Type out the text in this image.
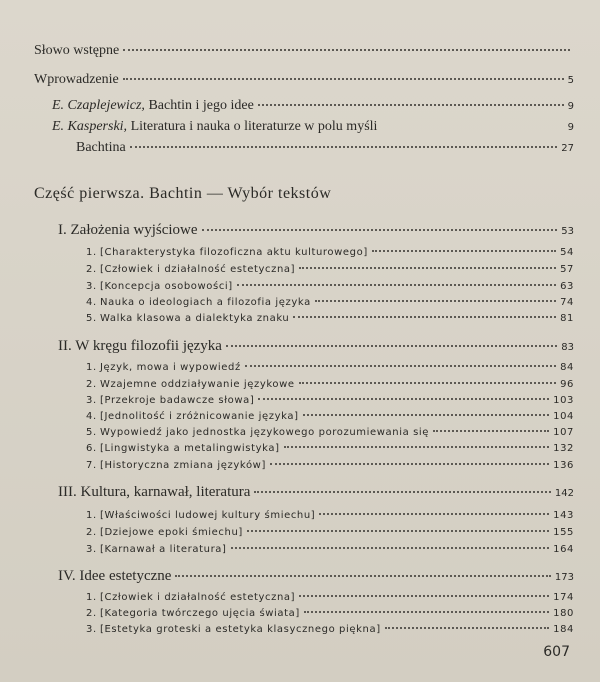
Słowo wstępne
Wprowadzenie	5
E. Czaplejewicz, Bachtin i jego idee	9
E. Kasperski, Literatura i nauka o literaturze w polu myśli	9
Bachtina	27
Część pierwsza. Bachtin — Wybór tekstów
I. Założenia wyjściowe	53
1. [Charakterystyka filozoficzna aktu kulturowego]	54
2. [Człowiek i działalność estetyczna]	57
3. [Koncepcja osobowości]	63
4. Nauka o ideologiach a filozofia języka	74
5. Walka klasowa a dialektyka znaku	81
II. W kręgu filozofii języka	83
1. Język, mowa i wypowiedź	84
2. Wzajemne oddziaływanie językowe	96
3. [Przekroje badawcze słowa]	103
4. [Jednolitość i zróżnicowanie języka]	104
5. Wypowiedź jako jednostka językowego porozumiewania się	107
6. [Lingwistyka a metalingwistyka]	132
7. [Historyczna zmiana języków]	136
III. Kultura, karnawał, literatura	142
1. [Właściwości ludowej kultury śmiechu]	143
2. [Dziejowe epoki śmiechu]	155
3. [Karnawał a literatura]	164
IV. Idee estetyczne	173
1. [Człowiek i działalność estetyczna]	174
2. [Kategoria twórczego ujęcia świata]	180
3. [Estetyka groteski a estetyka klasycznego piękna]	184
607
